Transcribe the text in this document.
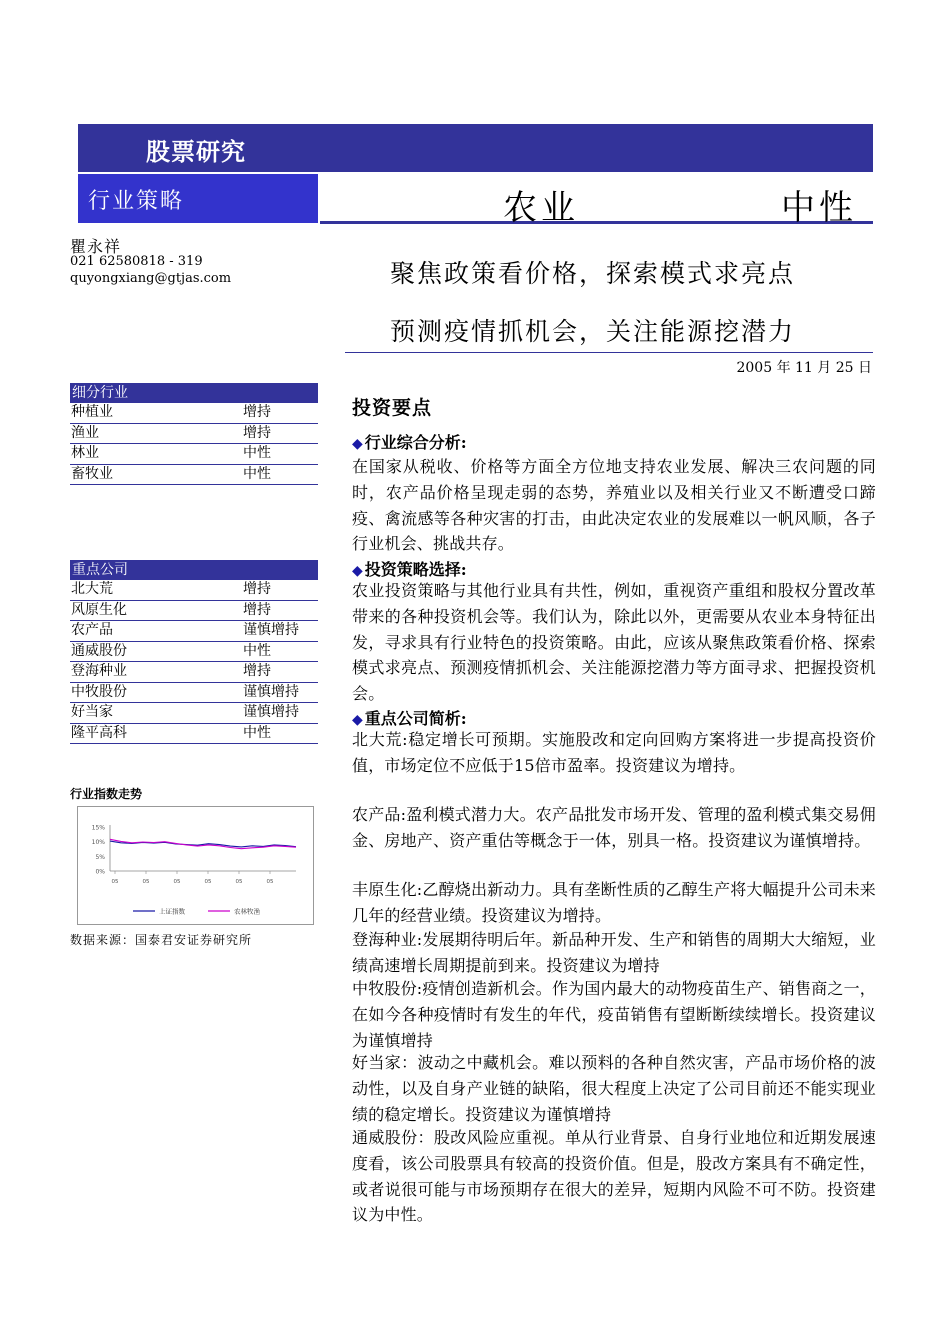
股票研究
行业策略	农业	中性
瞿永祥
021 62580818 - 319
quyongxiang@gtjas.com	聚焦政策看价格，探索模式求亮点
预测疫情抓机会，关注能源挖潜力
2005 年 11 月 25 日
细分行业
种植业	增持
渔业	增持
林业	中性
畜牧业	中性
重点公司
北大荒	增持
风原生化	增持
农产品	谨慎增持
通威股份	中性
登海种业	增持
中牧股份	谨慎增持
好当家	谨慎增持
隆平高科	中性
行业指数走势
15%
10%
5%
0%
05	05	05	05	05	05
上证指数	农林牧渔
数据来源：国泰君安证券研究所
投资要点
◆ 行业综合分析:
在国家从税收、价格等方面全方位地支持农业发展、解决三农问题的同时，农产品价格呈现走弱的态势，养殖业以及相关行业又不断遭受口蹄疫、禽流感等各种灾害的打击，由此决定农业的发展难以一帆风顺，各子行业机会、挑战共存。
◆ 投资策略选择:
农业投资策略与其他行业具有共性，例如，重视资产重组和股权分置改革带来的各种投资机会等。我们认为，除此以外，更需要从农业本身特征出发，寻求具有行业特色的投资策略。由此，应该从聚焦政策看价格、探索模式求亮点、预测疫情抓机会、关注能源挖潜力等方面寻求、把握投资机会。
◆ 重点公司简析:
北大荒:稳定增长可预期。实施股改和定向回购方案将进一步提高投资价值，市场定位不应低于15倍市盈率。投资建议为增持。
农产品:盈利模式潜力大。农产品批发市场开发、管理的盈利模式集交易佣金、房地产、资产重估等概念于一体，别具一格。投资建议为谨慎增持。
丰原生化:乙醇烧出新动力。具有垄断性质的乙醇生产将大幅提升公司未来几年的经营业绩。投资建议为增持。
登海种业:发展期待明后年。新品种开发、生产和销售的周期大大缩短，业绩高速增长周期提前到来。投资建议为增持
中牧股份:疫情创造新机会。作为国内最大的动物疫苗生产、销售商之一，在如今各种疫情时有发生的年代，疫苗销售有望断断续续增长。投资建议为谨慎增持
好当家：波动之中藏机会。难以预料的各种自然灾害，产品市场价格的波动性，以及自身产业链的缺陷，很大程度上决定了公司目前还不能实现业绩的稳定增长。投资建议为谨慎增持
通威股份：股改风险应重视。单从行业背景、自身行业地位和近期发展速度看，该公司股票具有较高的投资价值。但是，股改方案具有不确定性，或者说很可能与市场预期存在很大的差异，短期内风险不可不防。投资建议为中性。
